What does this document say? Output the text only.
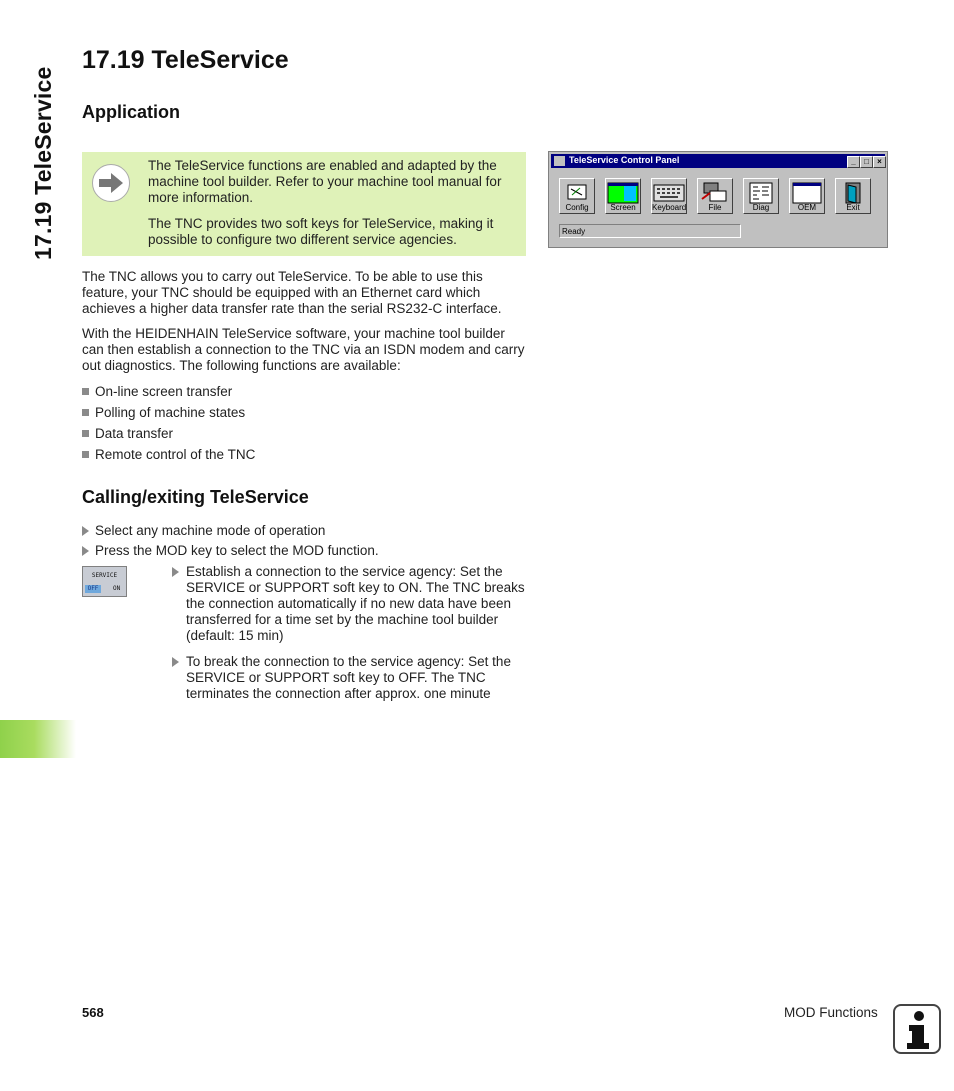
17.19 TeleService
17.19 TeleService
Application
The TeleService functions are enabled and adapted by the machine tool builder. Refer to your machine tool manual for more information.
The TNC provides two soft keys for TeleService, making it possible to configure two different service agencies.

The TNC allows you to carry out TeleService. To be able to use this feature, your TNC should be equipped with an Ethernet card which achieves a higher data transfer rate than the serial RS232-C interface.

With the HEIDENHAIN TeleService software, your machine tool builder can then establish a connection to the TNC via an ISDN modem and carry out diagnostics. The following functions are available:

On-line screen transfer
Polling of machine states
Data transfer
Remote control of the TNC
Calling/exiting TeleService
Select any machine mode of operation
Press the MOD key to select the MOD function.
SERVICE
OFF	ON
Establish a connection to the service agency: Set the SERVICE or SUPPORT soft key to ON. The TNC breaks the connection automatically if no new data have been transferred for a time set by the machine tool builder (default: 15 min)
To break the connection to the service agency: Set the SERVICE or SUPPORT soft key to OFF. The TNC terminates the connection after approx. one minute
TeleService Control Panel	_	□	×
Config	Screen	Keyboard	File	Diag	OEM	Exit
Ready
568	MOD Functions
